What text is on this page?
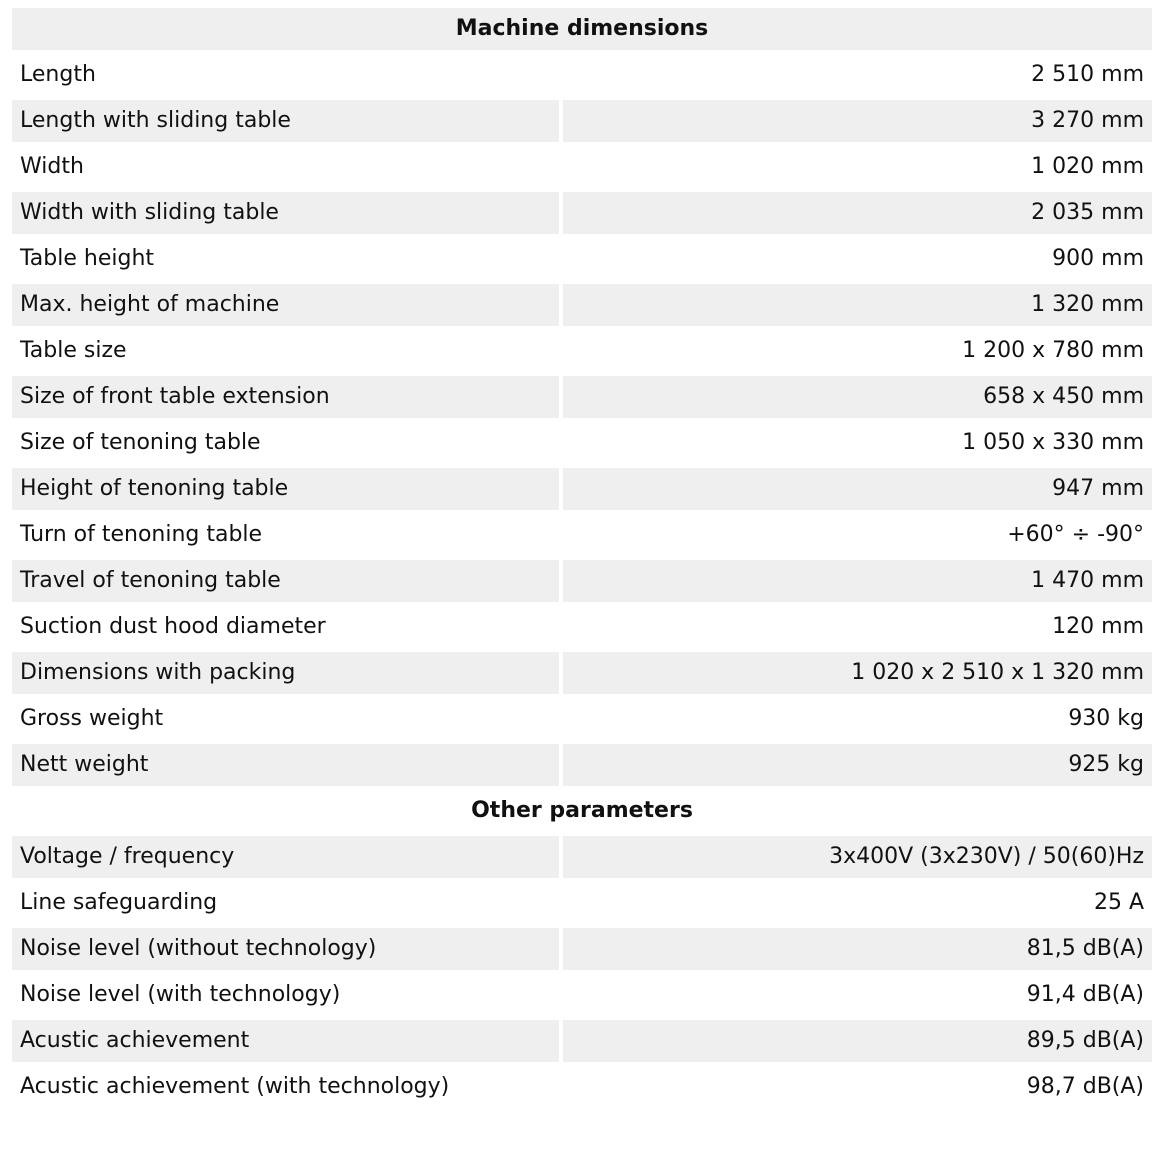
Machine dimensions		
Length		2 510 mm
Length with sliding table		3 270 mm
Width		1 020 mm
Width with sliding table		2 035 mm
Table height		900 mm
Max. height of machine		1 320 mm
Table size		1 200 x 780 mm
Size of front table extension		658 x 450 mm
Size of tenoning table		1 050 x 330 mm
Height of tenoning table		947 mm
Turn of tenoning table		+60° ÷ -90°
Travel of tenoning table		1 470 mm
Suction dust hood diameter		120 mm
Dimensions with packing		1 020 x 2 510 x 1 320 mm
Gross weight		930 kg
Nett weight		925 kg
Other parameters		
Voltage / frequency		3x400V (3x230V) / 50(60)Hz
Line safeguarding		25 A
Noise level (without technology)		81,5 dB(A)
Noise level (with technology)		91,4 dB(A)
Acustic achievement		89,5 dB(A)
Acustic achievement (with technology)		98,7 dB(A)
